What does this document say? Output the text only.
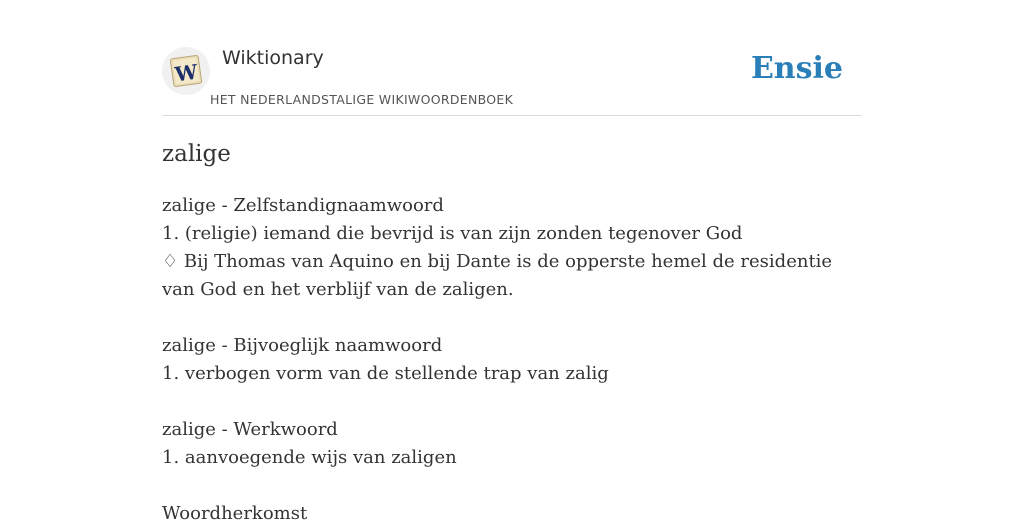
W
Wiktionary
HET NEDERLANDSTALIGE WIKIWOORDENBOEK
Ensie
zalige
zalige - Zelfstandignaamwoord
1. (religie) iemand die bevrijd is van zijn zonden tegenover God
♢ Bij Thomas van Aquino en bij Dante is de opperste hemel de residentie van God en het verblijf van de zaligen.
zalige - Bijvoeglijk naamwoord
1. verbogen vorm van de stellende trap van zalig
zalige - Werkwoord
1. aanvoegende wijs van zaligen
Woordherkomst
